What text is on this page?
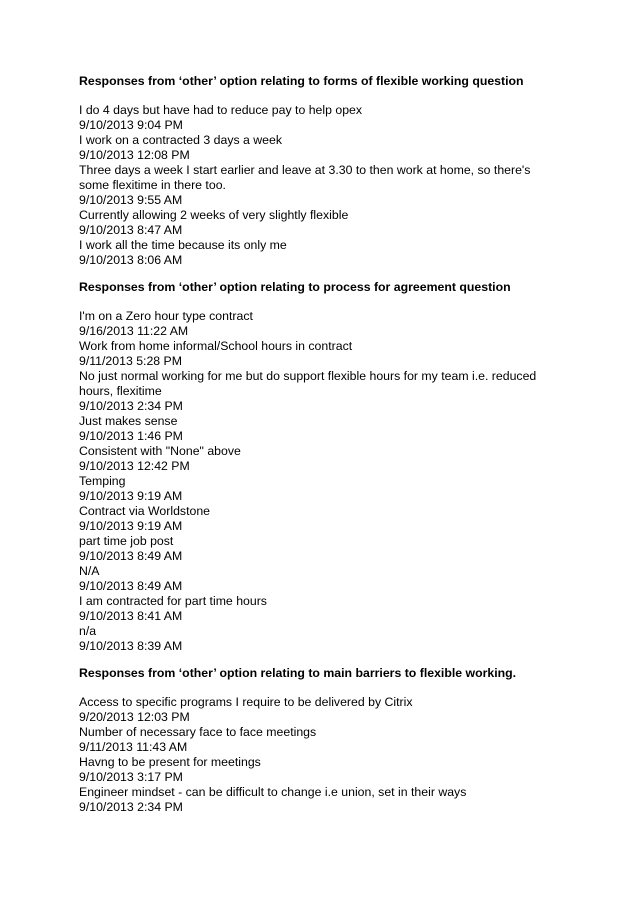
Responses from ‘other’ option relating to forms of flexible working question

I do 4 days but have had to reduce pay to help opex

9/10/2013 9:04 PM

I work on a contracted 3 days a week

9/10/2013 12:08 PM

Three days a week I start earlier and leave at 3.30 to then work at home, so there's some flexitime in there too.

9/10/2013 9:55 AM

Currently allowing 2 weeks of very slightly flexible

9/10/2013 8:47 AM

I work all the time because its only me

9/10/2013 8:06 AM

Responses from ‘other’ option relating to process for agreement question

I'm on a Zero hour type contract

9/16/2013 11:22 AM

Work from home informal/School hours in contract

9/11/2013 5:28 PM

No just normal working for me but do support flexible hours for my team i.e. reduced hours, flexitime

9/10/2013 2:34 PM

Just makes sense

9/10/2013 1:46 PM

Consistent with "None" above

9/10/2013 12:42 PM

Temping

9/10/2013 9:19 AM

Contract via Worldstone

9/10/2013 9:19 AM

part time job post

9/10/2013 8:49 AM

N/A

9/10/2013 8:49 AM

I am contracted for part time hours

9/10/2013 8:41 AM

n/a

9/10/2013 8:39 AM

Responses from ‘other’ option relating to main barriers to flexible working.

Access to specific programs I require to be delivered by Citrix

9/20/2013 12:03 PM

Number of necessary face to face meetings

9/11/2013 11:43 AM

Havng to be present for meetings

9/10/2013 3:17 PM

Engineer mindset - can be difficult to change i.e union, set in their ways

9/10/2013 2:34 PM
